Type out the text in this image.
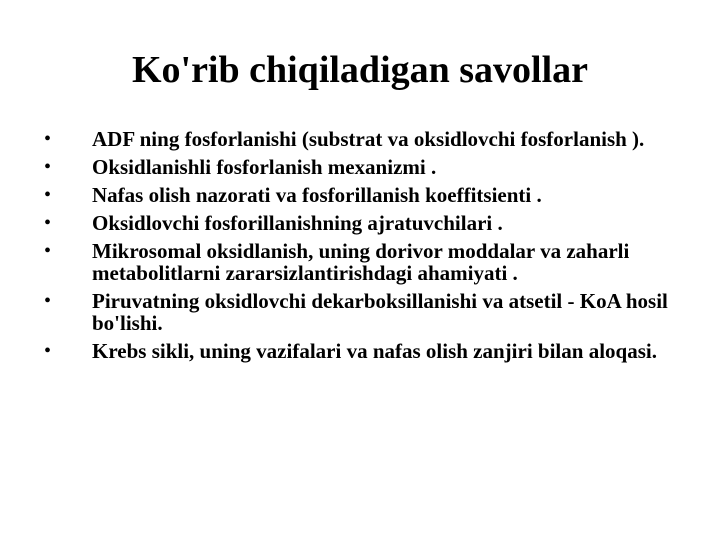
Ko'rib chiqiladigan savollar
• ADF ning fosforlanishi (substrat va oksidlovchi fosforlanish ).
• Oksidlanishli fosforlanish mexanizmi .
• Nafas olish nazorati va fosforillanish koeffitsienti .
• Oksidlovchi fosforillanishning ajratuvchilari .
• Mikrosomal oksidlanish, uning dorivor moddalar va zaharli metabolitlarni zararsizlantirishdagi ahamiyati .
• Piruvatning oksidlovchi dekarboksillanishi va atsetil - KoA hosil bo'lishi.
• Krebs sikli, uning vazifalari va nafas olish zanjiri bilan aloqasi.
